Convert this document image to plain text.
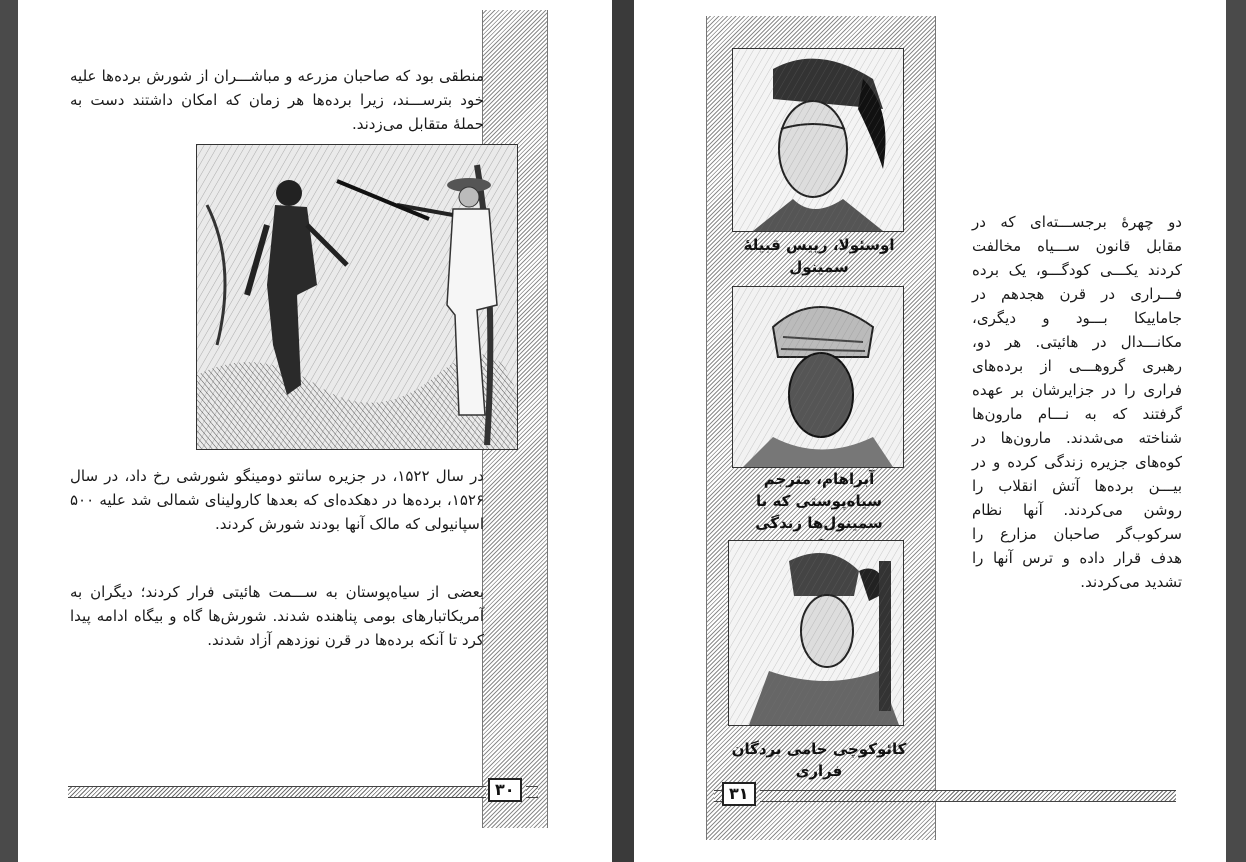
منطقی بود که صاحبان مزرعه و مباشـــران از شورش برده‌ها علیه خود بترســـند، زیرا برده‌ها هر زمان که امکان داشتند دست به حملهٔ متقابل می‌زدند.

در سال ۱۵۲۲، در جزیره سانتو دومینگو شورشی رخ داد، در سال ۱۵۲۶، برده‌ها در دهکده‌ای که بعدها کارولینای شمالی شد علیه ۵۰۰ اسپانیولی که مالک آنها بودند شورش کردند.

بعضی از سیاه‌پوستان به ســـمت هائیتی فرار کردند؛ دیگران به آمریکاتبارهای بومی پناهنده شدند. شورش‌ها گاه و بیگاه ادامه پیدا کرد تا آنکه برده‌ها در قرن نوزدهم آزاد شدند.

۳۰
اوسئولا، رییس قبیلهٔ سمینول
آبراهام، مترجم سیاه‌پوستی که با سمینول‌ها زندگی
کائوکوچی حامی بردگان فراری

دو چهرهٔ برجســـته‌ای که در مقابل قانون ســـیاه مخالفت کردند یکـــی کودگـــو، یک برده فـــراری در قرن هجدهم در جاماییکا بـــود و دیگری، مکانـــدال در هائیتی. هر دو، رهبری گروهـــی از برده‌های فراری را در جزایرشان بر عهده گرفتند که به نـــام مارون‌ها شناخته می‌شدند. مارون‌ها در کوه‌های جزیره زندگی کرده و در بیـــن برده‌ها آتش انقلاب را روشن می‌کردند. آنها نظام سرکوب‌گر صاحبان مزارع را هدف قرار داده و ترس آنها را تشدید می‌کردند.

۳۱
